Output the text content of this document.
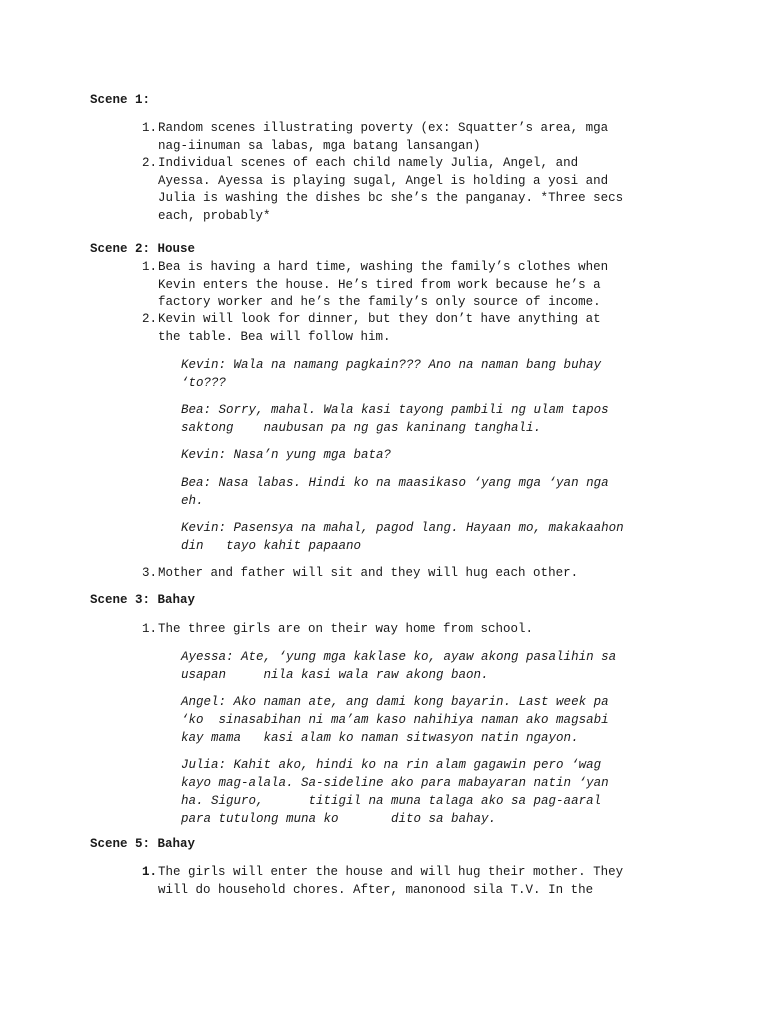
Scene 1:
1. Random scenes illustrating poverty (ex: Squatter’s area, mga
nag-iinuman sa labas, mga batang lansangan)
2. Individual scenes of each child namely Julia, Angel, and
Ayessa. Ayessa is playing sugal, Angel is holding a yosi and
Julia is washing the dishes bc she’s the panganay. *Three secs
each, probably*
Scene 2: House
1. Bea is having a hard time, washing the family’s clothes when
Kevin enters the house. He’s tired from work because he’s a
factory worker and he’s the family’s only source of income.
2. Kevin will look for dinner, but they don’t have anything at
the table. Bea will follow him.
Kevin: Wala na namang pagkain??? Ano na naman bang buhay
‘to???
Bea: Sorry, mahal. Wala kasi tayong pambili ng ulam tapos
saktong    naubusan pa ng gas kaninang tanghali.
Kevin: Nasa’n yung mga bata?
Bea: Nasa labas. Hindi ko na maasikaso ‘yang mga ‘yan nga
eh.
Kevin: Pasensya na mahal, pagod lang. Hayaan mo, makakaahon
din   tayo kahit papaano
3. Mother and father will sit and they will hug each other.
Scene 3: Bahay
1. The three girls are on their way home from school.
Ayessa: Ate, ‘yung mga kaklase ko, ayaw akong pasalihin sa
usapan     nila kasi wala raw akong baon.
Angel: Ako naman ate, ang dami kong bayarin. Last week pa
‘ko  sinasabihan ni ma’am kaso nahihiya naman ako magsabi
kay mama   kasi alam ko naman sitwasyon natin ngayon.
Julia: Kahit ako, hindi ko na rin alam gagawin pero ‘wag
kayo mag-alala. Sa-sideline ako para mabayaran natin ‘yan
ha. Siguro,      titigil na muna talaga ako sa pag-aaral
para tutulong muna ko       dito sa bahay.
Scene 5: Bahay
1. The girls will enter the house and will hug their mother. They
will do household chores. After, manonood sila T.V. In the
